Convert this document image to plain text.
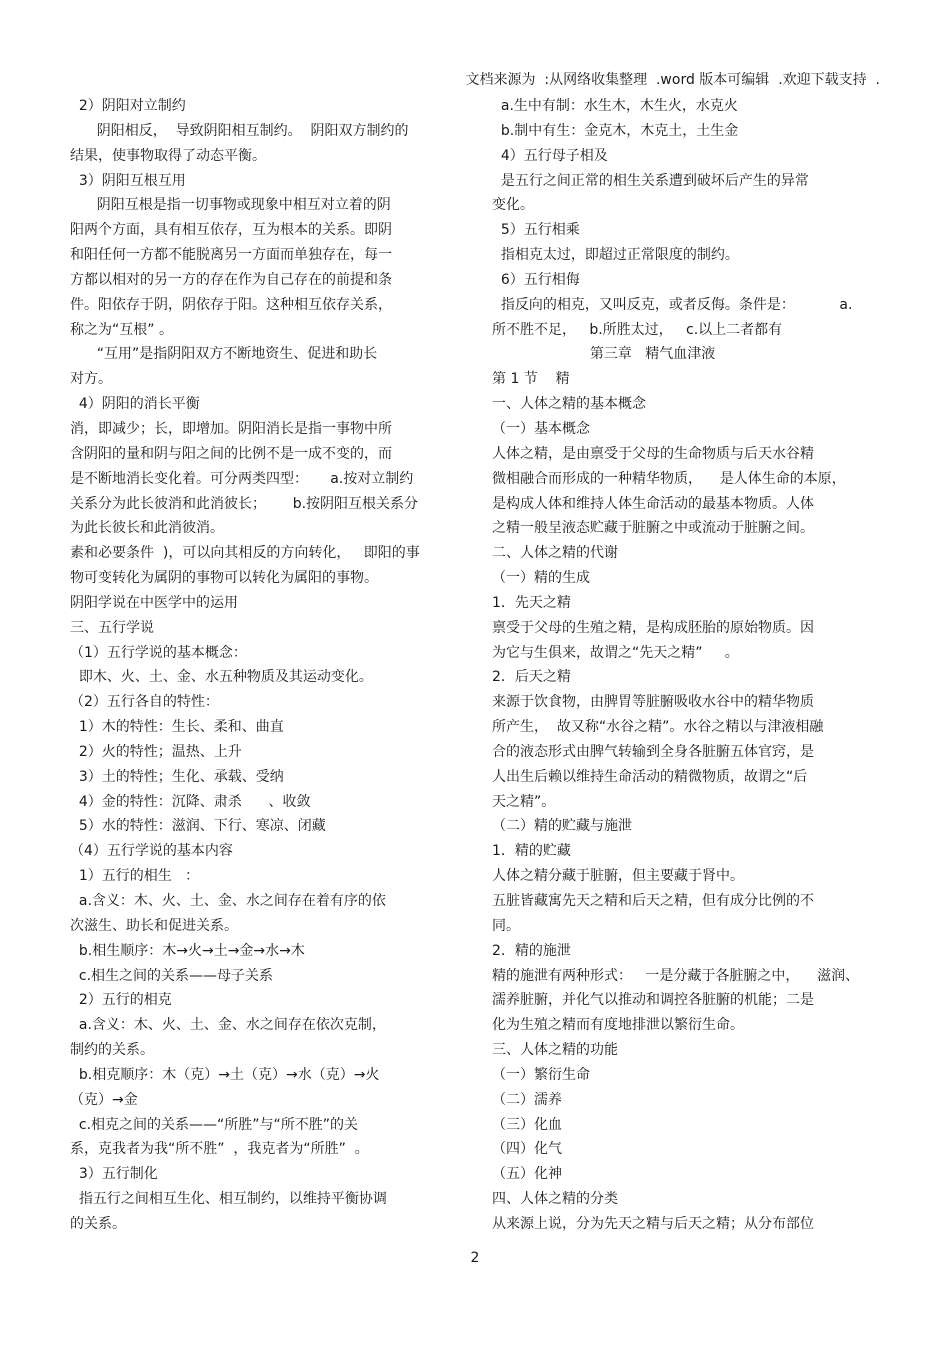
文档来源为  :从网络收集整理  .word 版本可编辑  .欢迎下载支持  .
2）阴阳对立制约
阴阳相反，  导致阴阳相互制约。  阴阳双方制约的
结果，使事物取得了动态平衡。
3）阴阳互根互用
阴阳互根是指一切事物或现象中相互对立着的阴
阳两个方面，具有相互依存，互为根本的关系。即阴
和阳任何一方都不能脱离另一方面而单独存在，每一
方都以相对的另一方的存在作为自己存在的前提和条
件。阳依存于阴，阴依存于阳。这种相互依存关系，
称之为“互根” 。
“互用”是指阴阳双方不断地资生、促进和助长
对方。
4）阴阳的消长平衡
消，即减少；长，即增加。阴阳消长是指一事物中所
含阴阳的量和阴与阳之间的比例不是一成不变的，而
是不断地消长变化着。可分两类四型：     a.按对立制约
关系分为此长彼消和此消彼长；      b.按阴阳互根关系分
为此长彼长和此消彼消。
素和必要条件  )，可以向其相反的方向转化，   即阳的事
物可变转化为属阴的事物可以转化为属阳的事物。
阴阳学说在中医学中的运用
三、五行学说
（1）五行学说的基本概念：
即木、火、土、金、水五种物质及其运动变化。
（2）五行各自的特性：
1）木的特性：生长、柔和、曲直
2）火的特性；温热、上升
3）土的特性；生化、承载、受纳
4）金的特性：沉降、肃杀      、收敛
5）水的特性：滋润、下行、寒凉、闭藏
（4）五行学说的基本内容
1）五行的相生   ：
a.含义：木、火、土、金、水之间存在着有序的依
次滋生、助长和促进关系。
b.相生顺序：木→火→土→金→水→木
c.相生之间的关系——母子关系
2）五行的相克
a.含义：木、火、土、金、水之间存在依次克制，
制约的关系。
b.相克顺序：木（克）→土（克）→水（克）→火
（克）→金
c.相克之间的关系——“所胜”与“所不胜”的关
系，克我者为我“所不胜”  ，我克者为“所胜”  。
3）五行制化
指五行之间相互生化、相互制约，以维持平衡协调
的关系。
a.生中有制：水生木，木生火，水克火
b.制中有生：金克木，木克土，土生金
4）五行母子相及
是五行之间正常的相生关系遭到破坏后产生的异常
变化。
5）五行相乘
指相克太过，即超过正常限度的制约。
6）五行相侮
指反向的相克，又叫反克，或者反侮。条件是：          a.
所不胜不足，   b.所胜太过，   c.以上二者都有
第三章   精气血津液
第 1 节    精
一、人体之精的基本概念
（一）基本概念
人体之精，是由禀受于父母的生命物质与后天水谷精
微相融合而形成的一种精华物质，    是人体生命的本原，
是构成人体和维持人体生命活动的最基本物质。人体
之精一般呈液态贮藏于脏腑之中或流动于脏腑之间。
二、人体之精的代谢
（一）精的生成
1．先天之精
禀受于父母的生殖之精，是构成胚胎的原始物质。因
为它与生俱来，故谓之“先天之精”     。
2．后天之精
来源于饮食物，由脾胃等脏腑吸收水谷中的精华物质
所产生，  故又称“水谷之精”。水谷之精以与津液相融
合的液态形式由脾气转输到全身各脏腑五体官窍，是
人出生后赖以维持生命活动的精微物质，故谓之“后
天之精”。
（二）精的贮藏与施泄
1．精的贮藏
人体之精分藏于脏腑，但主要藏于肾中。
五脏皆藏寓先天之精和后天之精，但有成分比例的不
同。
2．精的施泄
精的施泄有两种形式：   一是分藏于各脏腑之中，    滋润、
濡养脏腑，并化气以推动和调控各脏腑的机能；二是
化为生殖之精而有度地排泄以繁衍生命。
三、人体之精的功能
（一）繁衍生命
（二）濡养
（三）化血
（四）化气
（五）化神
四、人体之精的分类
从来源上说，分为先天之精与后天之精；从分布部位
2
